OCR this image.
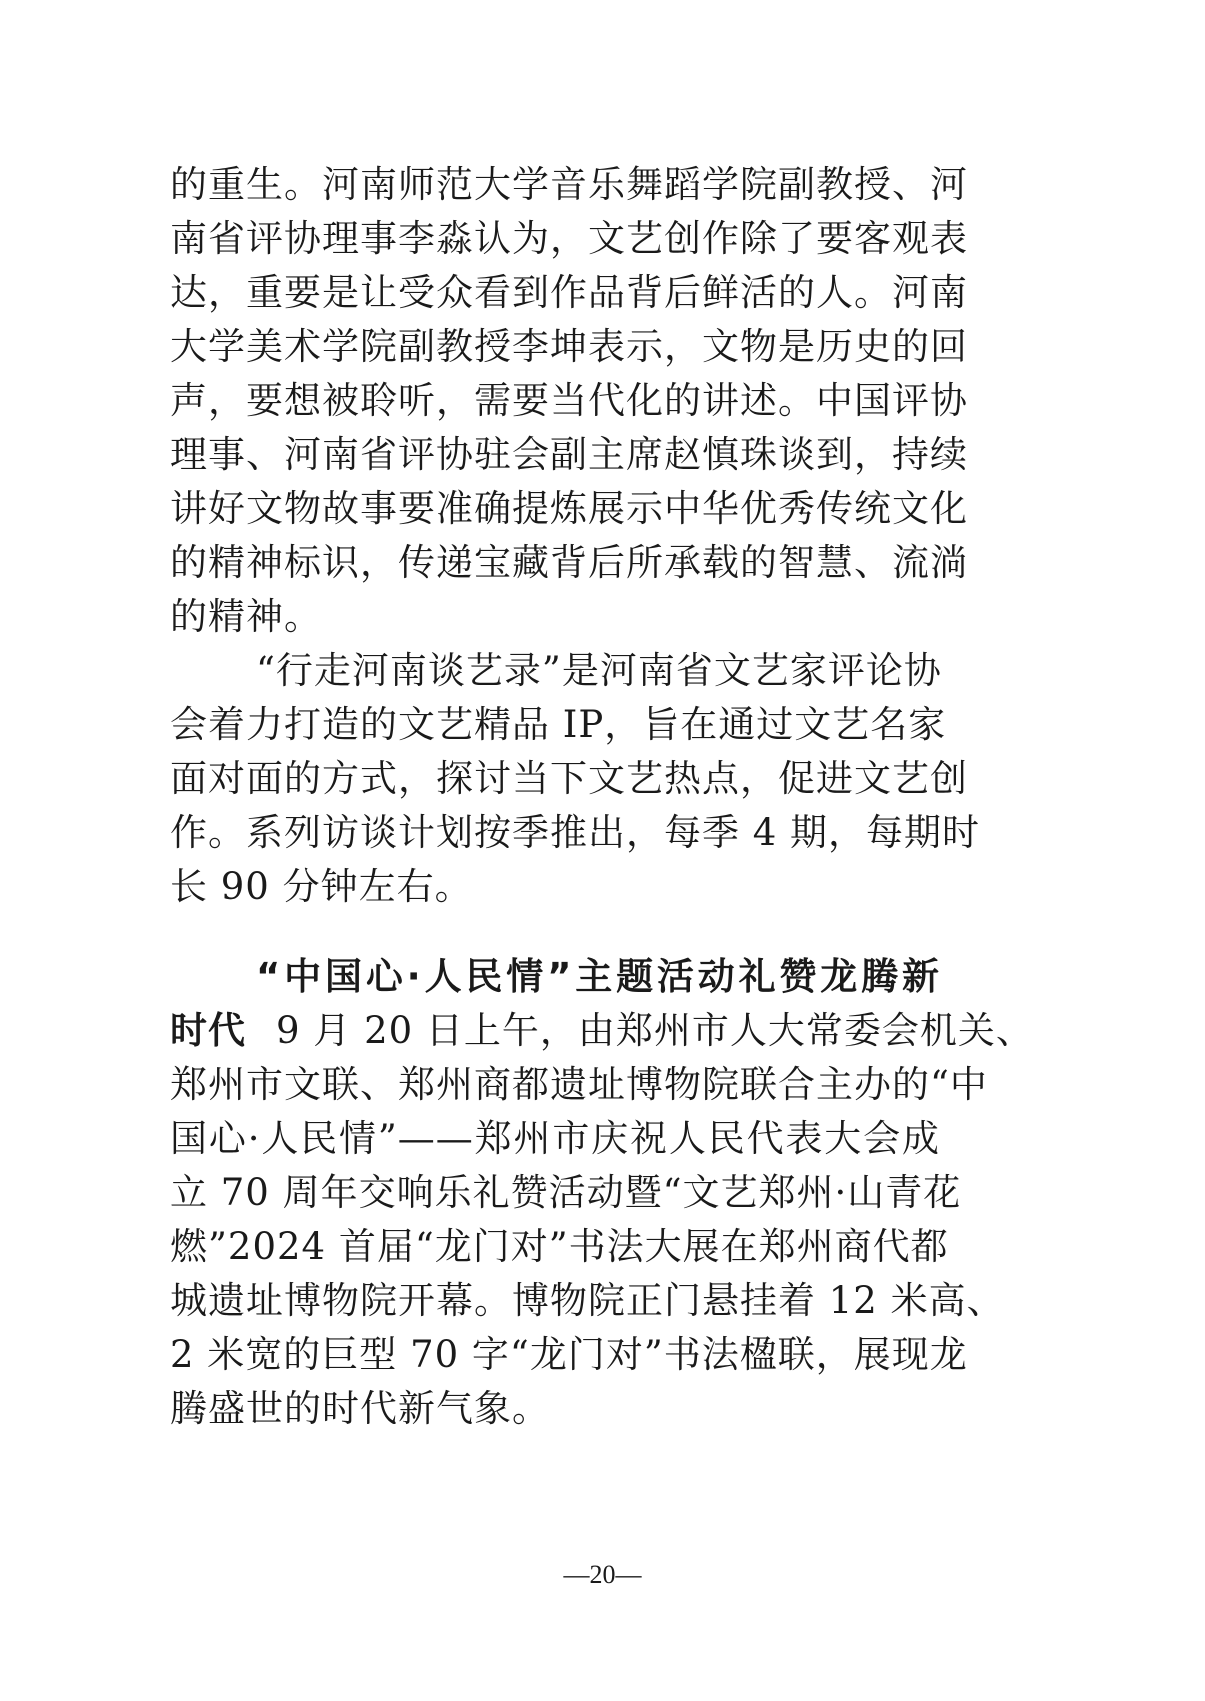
的重生。河南师范大学音乐舞蹈学院副教授、河
南省评协理事李淼认为，文艺创作除了要客观表
达，重要是让受众看到作品背后鲜活的人。河南
大学美术学院副教授李坤表示，文物是历史的回
声，要想被聆听，需要当代化的讲述。中国评协
理事、河南省评协驻会副主席赵慎珠谈到，持续
讲好文物故事要准确提炼展示中华优秀传统文化
的精神标识，传递宝藏背后所承载的智慧、流淌
的精神。
“行走河南谈艺录”是河南省文艺家评论协
会着力打造的文艺精品 IP，旨在通过文艺名家
面对面的方式，探讨当下文艺热点，促进文艺创
作。系列访谈计划按季推出，每季 4 期，每期时
长 90 分钟左右。
“中国心·人民情”主题活动礼赞龙腾新
时代 9 月 20 日上午，由郑州市人大常委会机关、
郑州市文联、郑州商都遗址博物院联合主办的“中
国心·人民情”——郑州市庆祝人民代表大会成
立 70 周年交响乐礼赞活动暨“文艺郑州·山青花
燃”2024 首届“龙门对”书法大展在郑州商代都
城遗址博物院开幕。博物院正门悬挂着 12 米高、
2 米宽的巨型 70 字“龙门对”书法楹联，展现龙
腾盛世的时代新气象。
—20—
